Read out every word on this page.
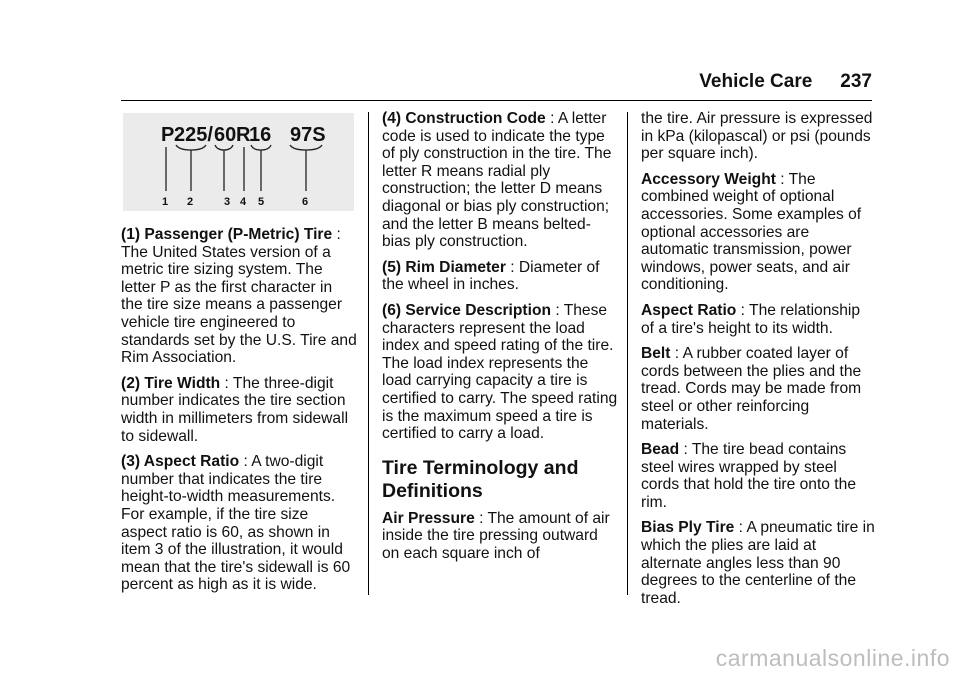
Vehicle Care 237
P 225/ 60 R
16 97S
1 2	3 4 5	6

(1) Passenger (P-Metric) Tire : The United States version of a metric tire sizing system. The letter P as the first character in the tire size means a passenger vehicle tire engineered to standards set by the U.S. Tire and Rim Association.

(2) Tire Width : The three-digit number indicates the tire section width in millimeters from sidewall to sidewall.

(3) Aspect Ratio : A two-digit number that indicates the tire height-to-width measurements. For example, if the tire size aspect ratio is 60, as shown in item 3 of the illustration, it would mean that the tire's sidewall is 60 percent as high as it is wide.

(4) Construction Code : A letter code is used to indicate the type of ply construction in the tire. The letter R means radial ply construction; the letter D means diagonal or bias ply construction; and the letter B means belted-bias ply construction.

(5) Rim Diameter : Diameter of the wheel in inches.

(6) Service Description : These characters represent the load index and speed rating of the tire. The load index represents the load carrying capacity a tire is certified to carry. The speed rating is the maximum speed a tire is certified to carry a load.

Tire Terminology and Definitions

Air Pressure : The amount of air inside the tire pressing outward on each square inch of

the tire. Air pressure is expressed in kPa (kilopascal) or psi (pounds per square inch).

Accessory Weight : The combined weight of optional accessories. Some examples of optional accessories are automatic transmission, power windows, power seats, and air conditioning.

Aspect Ratio : The relationship of a tire's height to its width.

Belt : A rubber coated layer of cords between the plies and the tread. Cords may be made from steel or other reinforcing materials.

Bead : The tire bead contains steel wires wrapped by steel cords that hold the tire onto the rim.

Bias Ply Tire : A pneumatic tire in which the plies are laid at alternate angles less than 90 degrees to the centerline of the tread.

carmanualsonline.info
